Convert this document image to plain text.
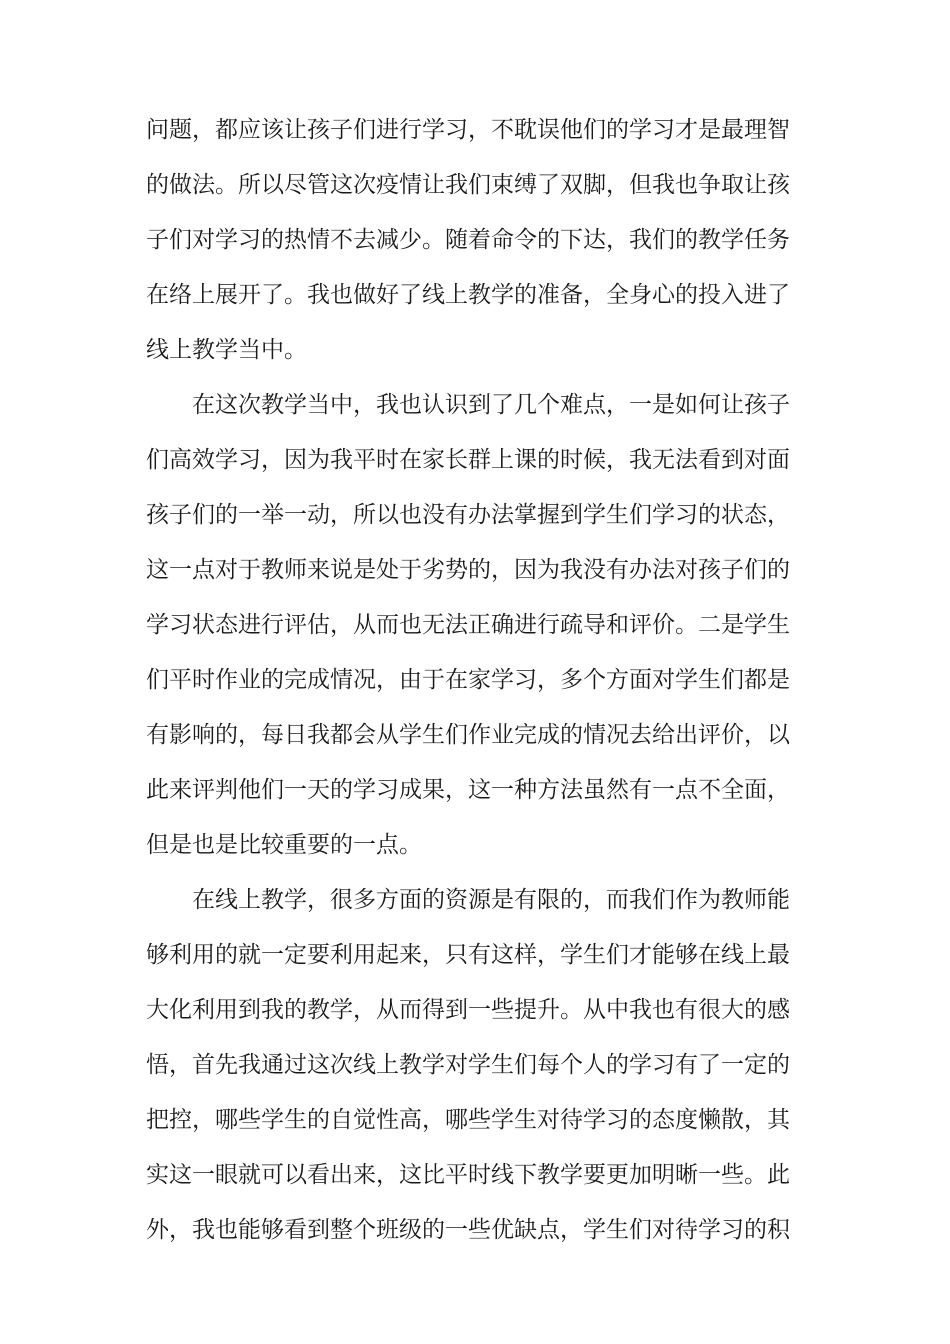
问题，都应该让孩子们进行学习，不耽误他们的学习才是最理智
的做法。所以尽管这次疫情让我们束缚了双脚，但我也争取让孩
子们对学习的热情不去减少。随着命令的下达，我们的教学任务
在络上展开了。我也做好了线上教学的准备，全身心的投入进了
线上教学当中。
　　在这次教学当中，我也认识到了几个难点，一是如何让孩子
们高效学习，因为我平时在家长群上课的时候，我无法看到对面
孩子们的一举一动，所以也没有办法掌握到学生们学习的状态，
这一点对于教师来说是处于劣势的，因为我没有办法对孩子们的
学习状态进行评估，从而也无法正确进行疏导和评价。二是学生
们平时作业的完成情况，由于在家学习，多个方面对学生们都是
有影响的，每日我都会从学生们作业完成的情况去给出评价，以
此来评判他们一天的学习成果，这一种方法虽然有一点不全面，
但是也是比较重要的一点。
　　在线上教学，很多方面的资源是有限的，而我们作为教师能
够利用的就一定要利用起来，只有这样，学生们才能够在线上最
大化利用到我的教学，从而得到一些提升。从中我也有很大的感
悟，首先我通过这次线上教学对学生们每个人的学习有了一定的
把控，哪些学生的自觉性高，哪些学生对待学习的态度懒散，其
实这一眼就可以看出来，这比平时线下教学要更加明晰一些。此
外，我也能够看到整个班级的一些优缺点，学生们对待学习的积
